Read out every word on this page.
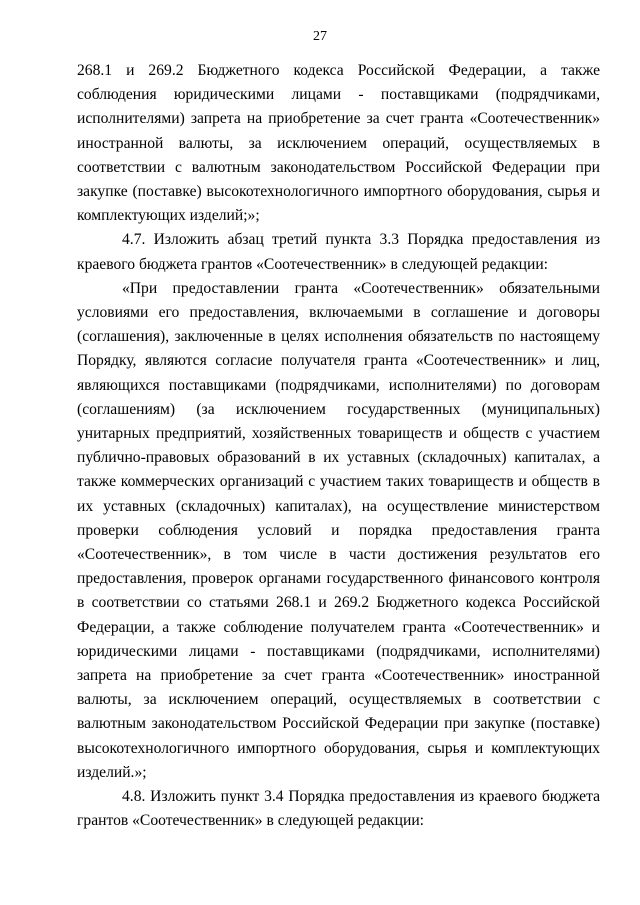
27

268.1 и 269.2 Бюджетного кодекса Российской Федерации, а также соблюдения юридическими лицами - поставщиками (подрядчиками, исполнителями) запрета на приобретение за счет гранта «Соотечественник» иностранной валюты, за исключением операций, осуществляемых в соответствии с валютным законодательством Российской Федерации при закупке (поставке) высокотехнологичного импортного оборудования, сырья и комплектующих изделий;»;

4.7. Изложить абзац третий пункта 3.3 Порядка предоставления из краевого бюджета грантов «Соотечественник» в следующей редакции:

«При предоставлении гранта «Соотечественник» обязательными условиями его предоставления, включаемыми в соглашение и договоры (соглашения), заключенные в целях исполнения обязательств по настоящему Порядку, являются согласие получателя гранта «Соотечественник» и лиц, являющихся поставщиками (подрядчиками, исполнителями) по договорам (соглашениям) (за исключением государственных (муниципальных) унитарных предприятий, хозяйственных товариществ и обществ с участием публично-правовых образований в их уставных (складочных) капиталах, а также коммерческих организаций с участием таких товариществ и обществ в их уставных (складочных) капиталах), на осуществление министерством проверки соблюдения условий и порядка предоставления гранта «Соотечественник», в том числе в части достижения результатов его предоставления, проверок органами государственного финансового контроля в соответствии со статьями 268.1 и 269.2 Бюджетного кодекса Российской Федерации, а также соблюдение получателем гранта «Соотечественник» и юридическими лицами - поставщиками (подрядчиками, исполнителями) запрета на приобретение за счет гранта «Соотечественник» иностранной валюты, за исключением операций, осуществляемых в соответствии с валютным законодательством Российской Федерации при закупке (поставке) высокотехнологичного импортного оборудования, сырья и комплектующих изделий.»;

4.8. Изложить пункт 3.4 Порядка предоставления из краевого бюджета грантов «Соотечественник» в следующей редакции:
